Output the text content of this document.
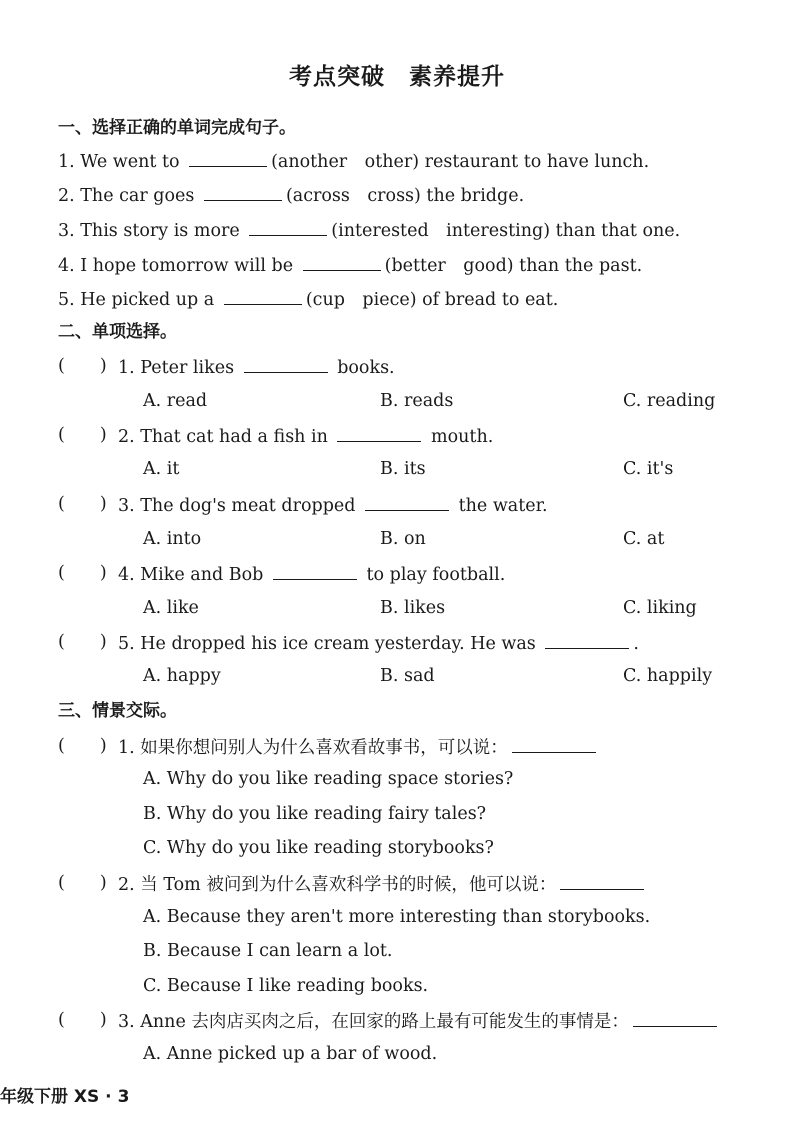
考点突破　素养提升
一、选择正确的单词完成句子。
1. We went to	(another　other) restaurant to have lunch.
2. The car goes	(across　cross) the bridge.
3. This story is more	(interested　interesting) than that one.
4. I hope tomorrow will be	(better　good) than the past.
5. He picked up a	(cup　piece) of bread to eat.
二、单项选择。
(　　) 1. Peter likes	books.
A. read	B. reads	C. reading
(　　) 2. That cat had a fish in	mouth.
A. it	B. its	C. it's
(　　) 3. The dog's meat dropped	the water.
A. into	B. on	C. at
(　　) 4. Mike and Bob	to play football.
A. like	B. likes	C. liking
(　　) 5. He dropped his ice cream yesterday. He was	.
A. happy	B. sad	C. happily
三、情景交际。
(　　) 1. 如果你想问别人为什么喜欢看故事书，可以说：
A. Why do you like reading space stories?
B. Why do you like reading fairy tales?
C. Why do you like reading storybooks?
(　　) 2. 当 Tom 被问到为什么喜欢科学书的时候，他可以说：
A. Because they aren't more interesting than storybooks.
B. Because I can learn a lot.
C. Because I like reading books.
(　　) 3. Anne 去肉店买肉之后，在回家的路上最有可能发生的事情是：
A. Anne picked up a bar of wood.
年级下册 XS · 3
